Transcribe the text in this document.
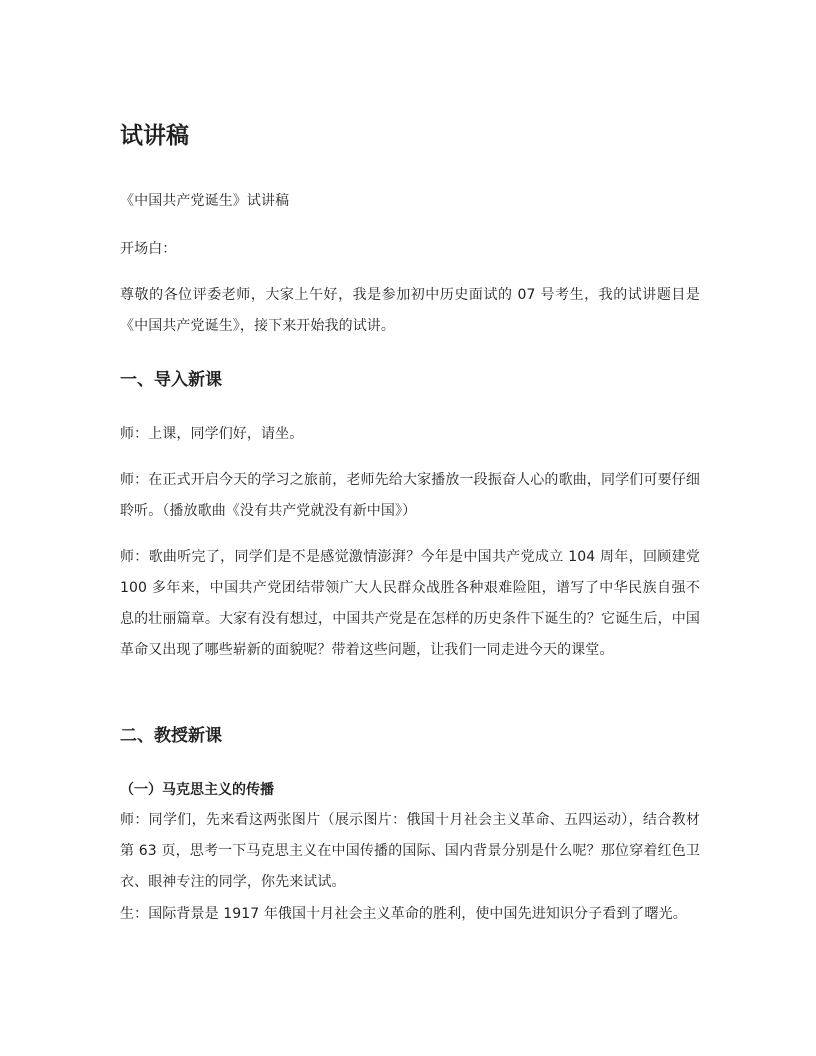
试讲稿

《中国共产党诞生》试讲稿

开场白：

尊敬的各位评委老师，大家上午好，我是参加初中历史面试的 07 号考生，我的试讲题目是《中国共产党诞生》，接下来开始我的试讲。

一、导入新课

师：上课，同学们好，请坐。

师：在正式开启今天的学习之旅前，老师先给大家播放一段振奋人心的歌曲，同学们可要仔细聆听。（播放歌曲《没有共产党就没有新中国》）

师：歌曲听完了，同学们是不是感觉激情澎湃？今年是中国共产党成立 104 周年，回顾建党 100 多年来，中国共产党团结带领广大人民群众战胜各种艰难险阻，谱写了中华民族自强不息的壮丽篇章。大家有没有想过，中国共产党是在怎样的历史条件下诞生的？它诞生后，中国革命又出现了哪些崭新的面貌呢？带着这些问题，让我们一同走进今天的课堂。

二、教授新课
（一）马克思主义的传播

师：同学们，先来看这两张图片（展示图片：俄国十月社会主义革命、五四运动），结合教材第 63 页，思考一下马克思主义在中国传播的国际、国内背景分别是什么呢？那位穿着红色卫衣、眼神专注的同学，你先来试试。

生：国际背景是 1917 年俄国十月社会主义革命的胜利，使中国先进知识分子看到了曙光。
